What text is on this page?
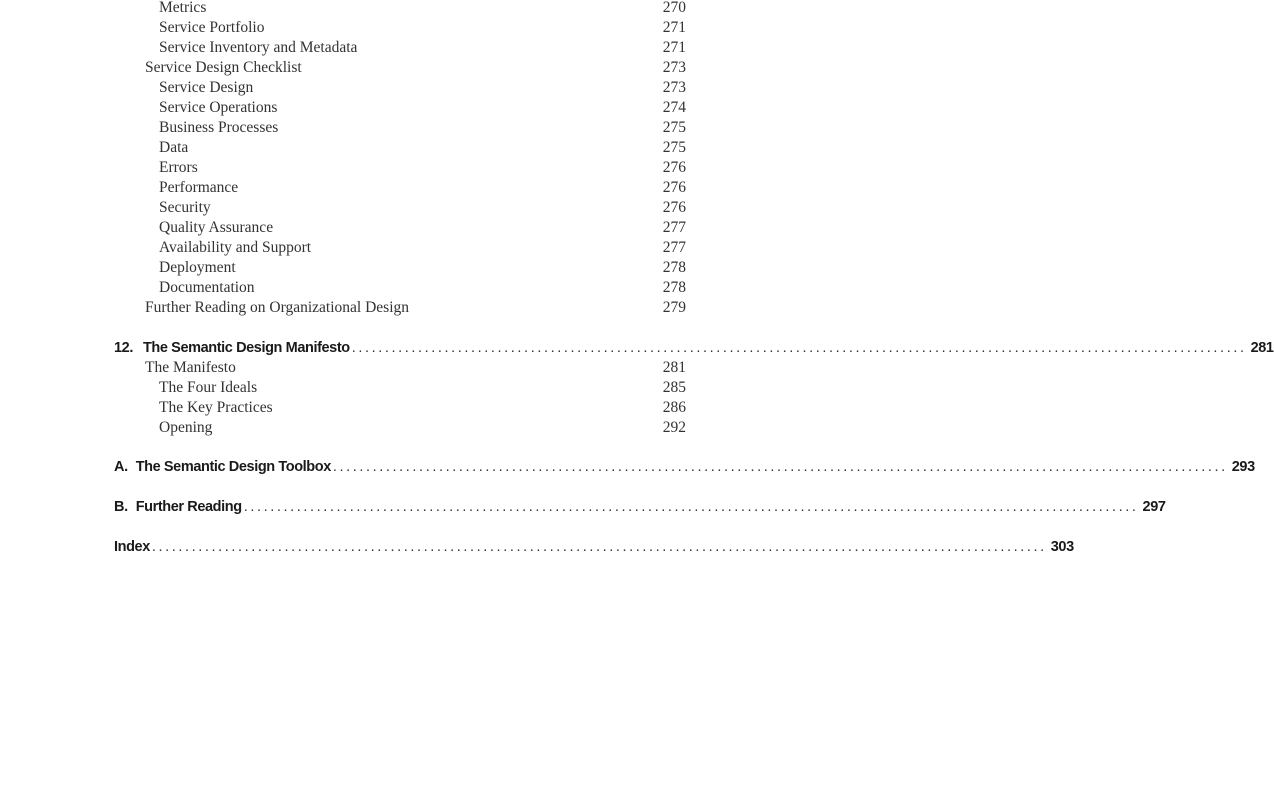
Metrics	270
Service Portfolio	271
Service Inventory and Metadata	271
Service Design Checklist	273
Service Design	273
Service Operations	274
Business Processes	275
Data	275
Errors	276
Performance	276
Security	276
Quality Assurance	277
Availability and Support	277
Deployment	278
Documentation	278
Further Reading on Organizational Design	279
12. The Semantic Design Manifesto ....................................................................................................................................... 281
The Manifesto	281
The Four Ideals	285
The Key Practices	286
Opening	292
A. The Semantic Design Toolbox ....................................................................................................................................... 293
B. Further Reading ....................................................................................................................................... 297
Index ....................................................................................................................................... 303
